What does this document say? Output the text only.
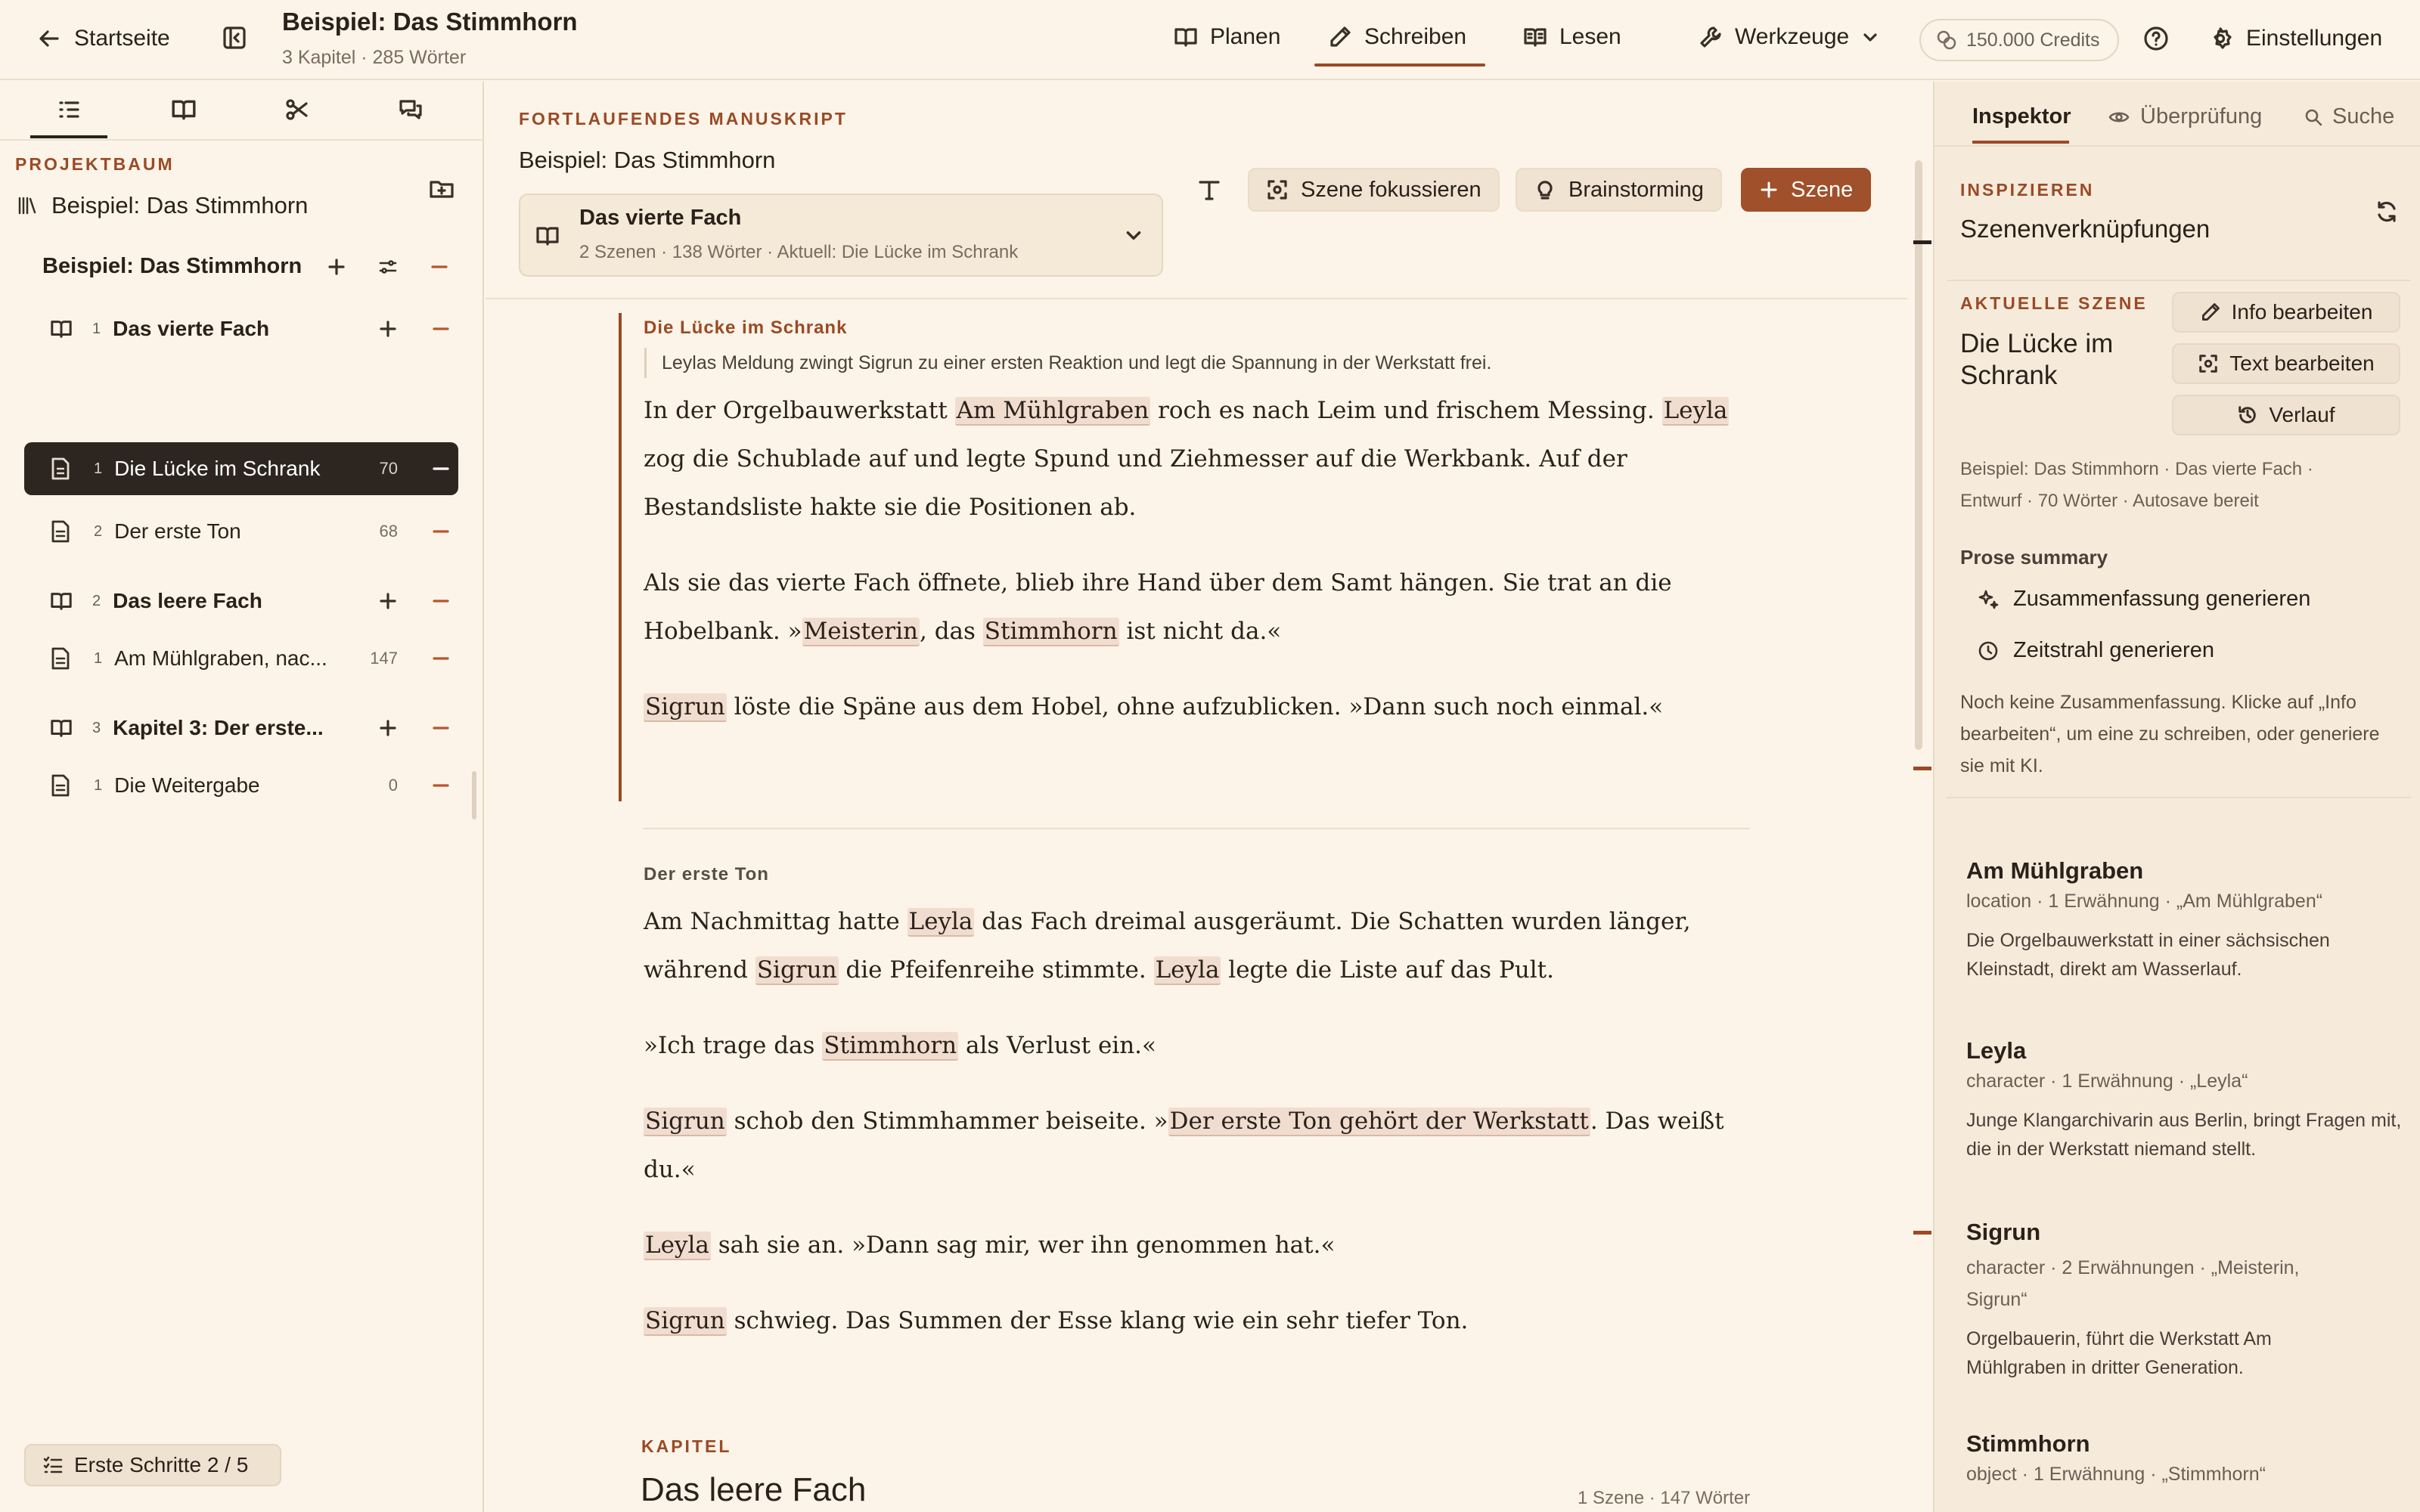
Startseite
Beispiel: Das Stimmhorn
3 Kapitel · 285 Wörter
Planen	Schreiben	Lesen	Werkzeuge	150.000 Credits	Einstellungen
PROJEKTBAUM
Beispiel: Das Stimmhorn
Beispiel: Das Stimmhorn
1 Das vierte Fach
1 Die Lücke im Schrank	70
2 Der erste Ton	68
2 Das leere Fach
1 Am Mühlgraben, nac...	147
3 Kapitel 3: Der erste...
1 Die Weitergabe	0
Erste Schritte 2 / 5
FORTLAUFENDES MANUSKRIPT
Beispiel: Das Stimmhorn
Das vierte Fach
2 Szenen · 138 Wörter · Aktuell: Die Lücke im Schrank
Szene fokussieren	Brainstorming	Szene
Die Lücke im Schrank
Leylas Meldung zwingt Sigrun zu einer ersten Reaktion und legt die Spannung in der Werkstatt frei.

In der Orgelbauwerkstatt Am Mühlgraben roch es nach Leim und frischem Messing. Leyla zog die Schublade auf und legte Spund und Ziehmesser auf die Werkbank. Auf der Bestandsliste hakte sie die Positionen ab.

Als sie das vierte Fach öffnete, blieb ihre Hand über dem Samt hängen. Sie trat an die Hobelbank. »Meisterin, das Stimmhorn ist nicht da.«

Sigrun löste die Späne aus dem Hobel, ohne aufzublicken. »Dann such noch einmal.«

Der erste Ton

Am Nachmittag hatte Leyla das Fach dreimal ausgeräumt. Die Schatten wurden länger, während Sigrun die Pfeifenreihe stimmte. Leyla legte die Liste auf das Pult.

»Ich trage das Stimmhorn als Verlust ein.«

Sigrun schob den Stimmhammer beiseite. »Der erste Ton gehört der Werkstatt. Das weißt du.«

Leyla sah sie an. »Dann sag mir, wer ihn genommen hat.«

Sigrun schwieg. Das Summen der Esse klang wie ein sehr tiefer Ton.

KAPITEL
Das leere Fach	1 Szene · 147 Wörter
Inspektor	Überprüfung	Suche
INSPIZIEREN
Szenenverknüpfungen
AKTUELLE SZENE
Die Lücke im Schrank
Info bearbeiten
Text bearbeiten
Verlauf
Beispiel: Das Stimmhorn · Das vierte Fach ·
Entwurf · 70 Wörter · Autosave bereit
Prose summary
Zusammenfassung generieren
Zeitstrahl generieren
Noch keine Zusammenfassung. Klicke auf „Info bearbeiten“, um eine zu schreiben, oder generiere sie mit KI.
Am Mühlgraben
location · 1 Erwähnung · „Am Mühlgraben“
Die Orgelbauwerkstatt in einer sächsischen Kleinstadt, direkt am Wasserlauf.
Leyla
character · 1 Erwähnung · „Leyla“
Junge Klangarchivarin aus Berlin, bringt Fragen mit, die in der Werkstatt niemand stellt.
Sigrun
character · 2 Erwähnungen · „Meisterin, Sigrun“
Orgelbauerin, führt die Werkstatt Am Mühlgraben in dritter Generation.
Stimmhorn
object · 1 Erwähnung · „Stimmhorn“
